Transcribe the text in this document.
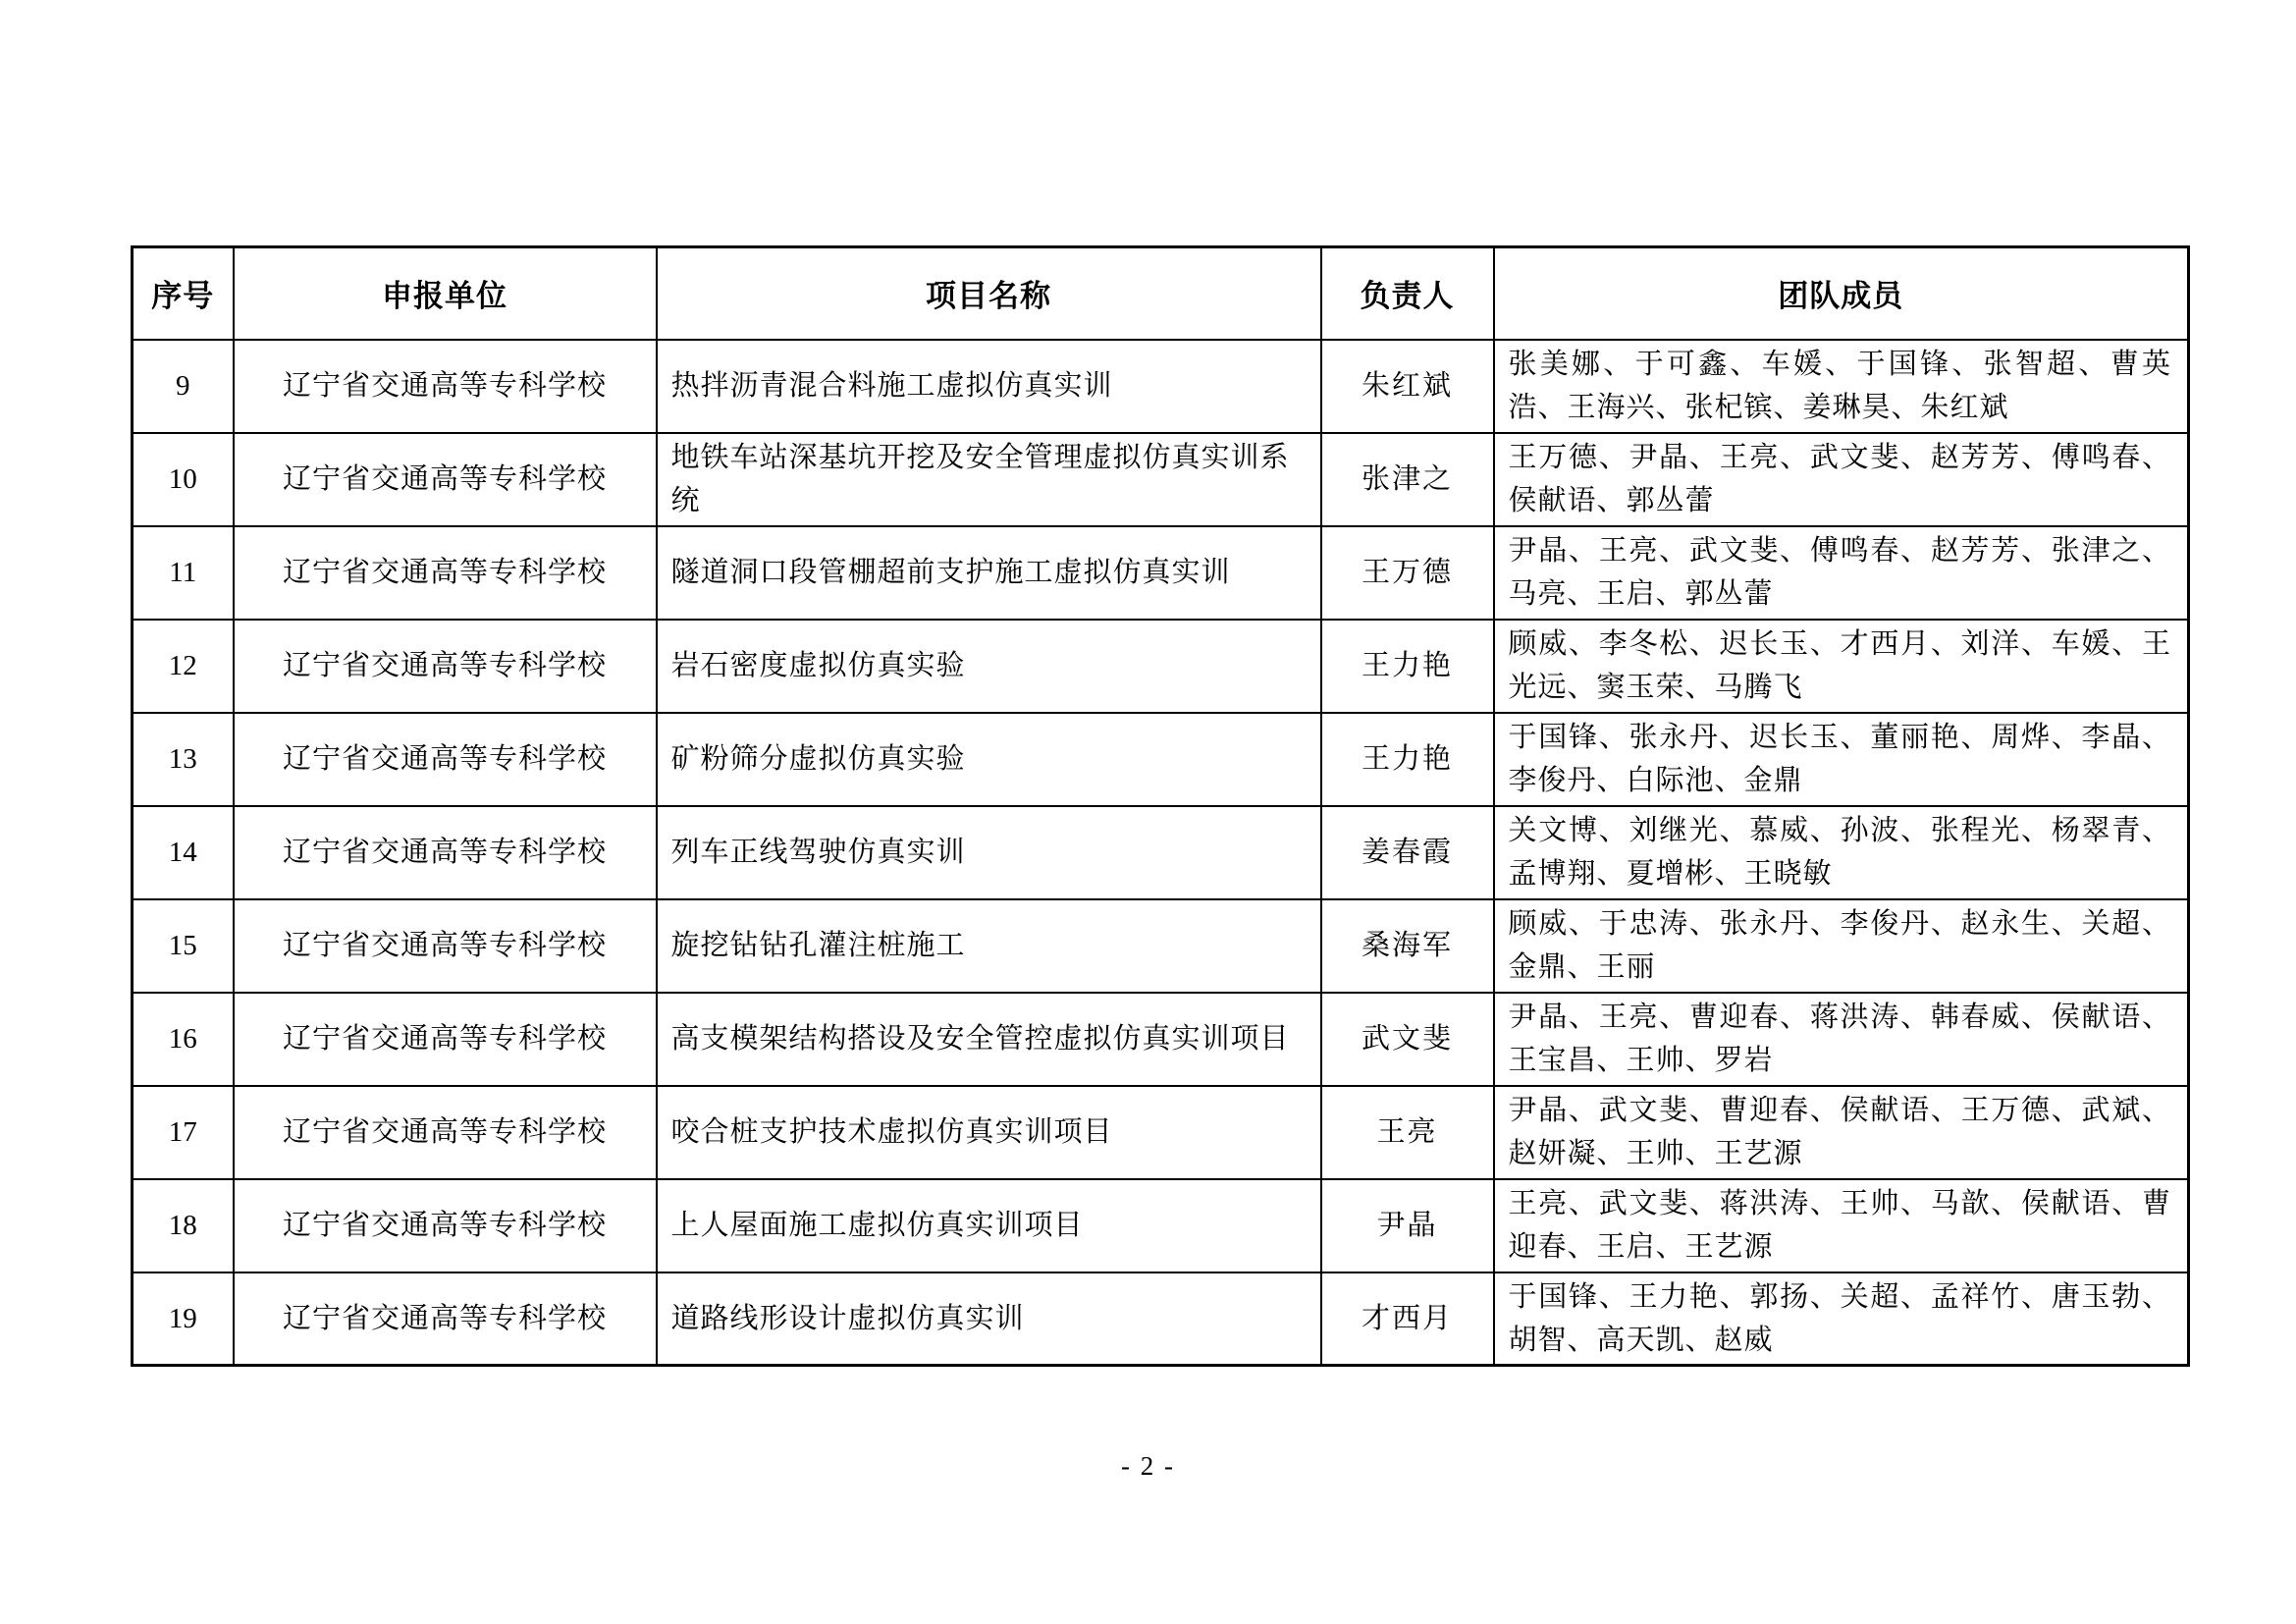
序号	申报单位	项目名称	负责人	团队成员
9	辽宁省交通高等专科学校	热拌沥青混合料施工虚拟仿真实训	朱红斌	张美娜、于可鑫、车媛、于国锋、张智超、曹英浩、王海兴、张杞镔、姜琳昊、朱红斌
10	辽宁省交通高等专科学校	地铁车站深基坑开挖及安全管理虚拟仿真实训系统	张津之	王万德、尹晶、王亮、武文斐、赵芳芳、傅鸣春、侯献语、郭丛蕾
11	辽宁省交通高等专科学校	隧道洞口段管棚超前支护施工虚拟仿真实训	王万德	尹晶、王亮、武文斐、傅鸣春、赵芳芳、张津之、马亮、王启、郭丛蕾
12	辽宁省交通高等专科学校	岩石密度虚拟仿真实验	王力艳	顾威、李冬松、迟长玉、才西月、刘洋、车媛、王光远、窦玉荣、马腾飞
13	辽宁省交通高等专科学校	矿粉筛分虚拟仿真实验	王力艳	于国锋、张永丹、迟长玉、董丽艳、周烨、李晶、李俊丹、白际池、金鼎
14	辽宁省交通高等专科学校	列车正线驾驶仿真实训	姜春霞	关文博、刘继光、慕威、孙波、张程光、杨翠青、孟博翔、夏增彬、王晓敏
15	辽宁省交通高等专科学校	旋挖钻钻孔灌注桩施工	桑海军	顾威、于忠涛、张永丹、李俊丹、赵永生、关超、金鼎、王丽
16	辽宁省交通高等专科学校	高支模架结构搭设及安全管控虚拟仿真实训项目	武文斐	尹晶、王亮、曹迎春、蒋洪涛、韩春威、侯献语、王宝昌、王帅、罗岩
17	辽宁省交通高等专科学校	咬合桩支护技术虚拟仿真实训项目	王亮	尹晶、武文斐、曹迎春、侯献语、王万德、武斌、赵妍凝、王帅、王艺源
18	辽宁省交通高等专科学校	上人屋面施工虚拟仿真实训项目	尹晶	王亮、武文斐、蒋洪涛、王帅、马歆、侯献语、曹迎春、王启、王艺源
19	辽宁省交通高等专科学校	道路线形设计虚拟仿真实训	才西月	于国锋、王力艳、郭扬、关超、孟祥竹、唐玉勃、胡智、高天凯、赵威
- 2 -
